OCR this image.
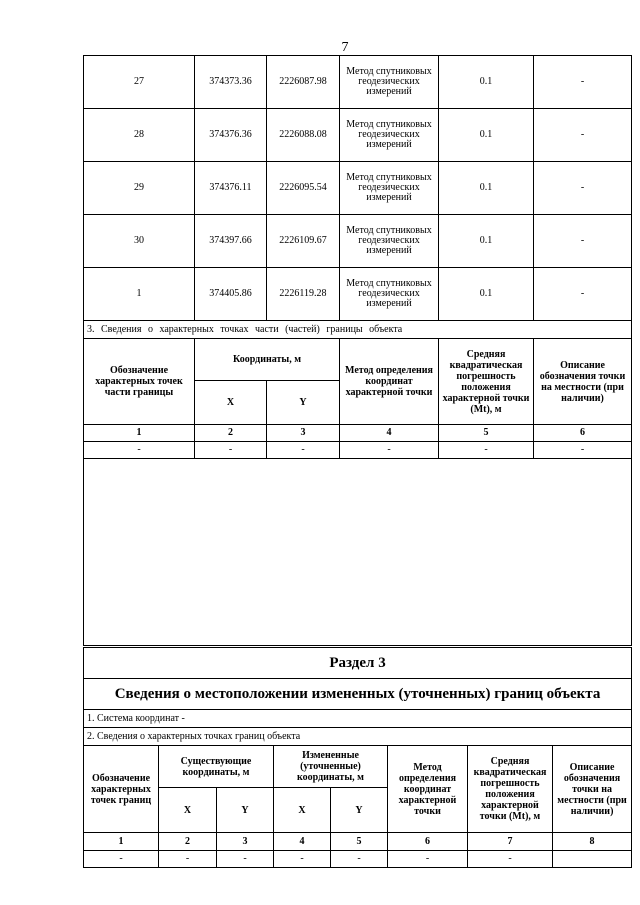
7
27	374373.36	2226087.98	Метод спутниковых геодезических измерений	0.1	-
28	374376.36	2226088.08	Метод спутниковых геодезических измерений	0.1	-
29	374376.11	2226095.54	Метод спутниковых геодезических измерений	0.1	-
30	374397.66	2226109.67	Метод спутниковых геодезических измерений	0.1	-
1	374405.86	2226119.28	Метод спутниковых геодезических измерений	0.1	-
3. Сведения о характерных точках части (частей) границы объекта					
Обозначение характерных точек части границы	Координаты, м		Метод определения координат характерной точки	Средняя квадратическая погрешность положения характерной точки (Mt), м	Описание обозначения точки на местности (при наличии)
	X	Y			
1	2	3	4	5	6
-	-	-	-	-	-

Раздел 3							
Сведения о местоположении измененных (уточненных) границ объекта							
1. Система координат -							
2. Сведения о характерных точках границ объекта							
Обозначение характерных точек границ	Существующие координаты, м		Измененные (уточненные) координаты, м		Метод определения координат характерной точки	Средняя квадратическая погрешность положения характерной точки (Mt), м	Описание обозначения точки на местности (при наличии)
	X	Y	X	Y			
1	2	3	4	5	6	7	8
-	-	-	-	-	-	-	
